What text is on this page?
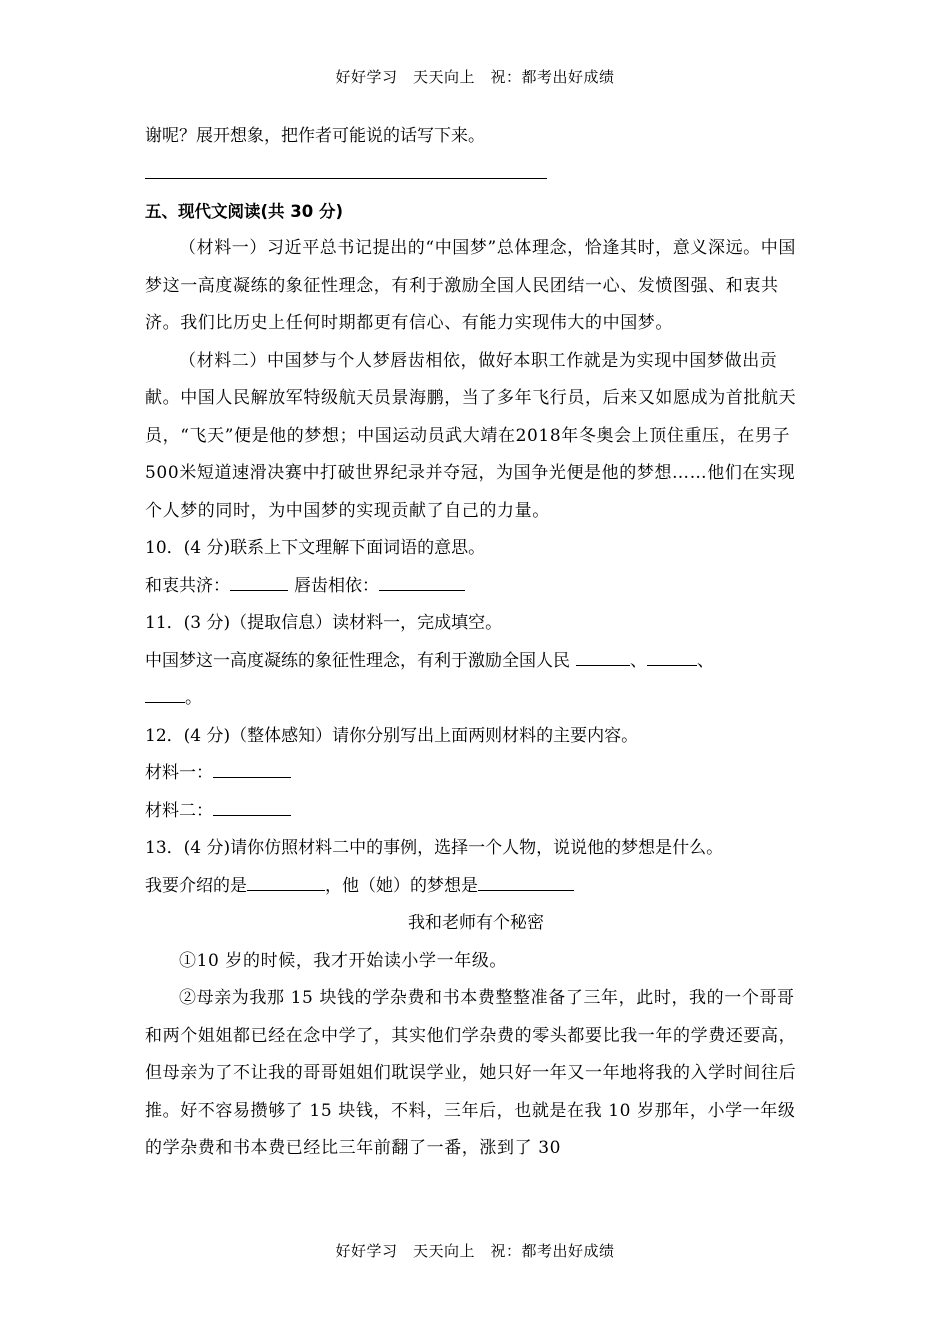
好好学习　天天向上　祝：都考出好成绩
谢呢？展开想象，把作者可能说的话写下来。
五、现代文阅读(共 30 分)
（材料一）习近平总书记提出的“中国梦”总体理念，恰逢其时，意义深远。中国梦这一高度凝练的象征性理念，有利于激励全国人民团结一心、发愤图强、和衷共济。我们比历史上任何时期都更有信心、有能力实现伟大的中国梦。
（材料二）中国梦与个人梦唇齿相依，做好本职工作就是为实现中国梦做出贡献。中国人民解放军特级航天员景海鹏，当了多年飞行员，后来又如愿成为首批航天员，“飞天”便是他的梦想；中国运动员武大靖在2018年冬奥会上顶住重压，在男子500米短道速滑决赛中打破世界纪录并夺冠，为国争光便是他的梦想……他们在实现个人梦的同时，为中国梦的实现贡献了自己的力量。
10．(4 分)联系上下文理解下面词语的意思。
和衷共济：	唇齿相依：
11．(3 分)（提取信息）读材料一，完成填空。
中国梦这一高度凝练的象征性理念，有利于激励全国人民	、	、
。
12．(4 分)（整体感知）请你分别写出上面两则材料的主要内容。
材料一：
材料二：
13．(4 分)请你仿照材料二中的事例，选择一个人物，说说他的梦想是什么。
我要介绍的是	，他（她）的梦想是
我和老师有个秘密
①10 岁的时候，我才开始读小学一年级。
②母亲为我那 15 块钱的学杂费和书本费整整准备了三年，此时，我的一个哥哥和两个姐姐都已经在念中学了，其实他们学杂费的零头都要比我一年的学费还要高，但母亲为了不让我的哥哥姐姐们耽误学业，她只好一年又一年地将我的入学时间往后推。好不容易攒够了 15 块钱，不料，三年后，也就是在我 10 岁那年，小学一年级的学杂费和书本费已经比三年前翻了一番，涨到了 30
好好学习　天天向上　祝：都考出好成绩
